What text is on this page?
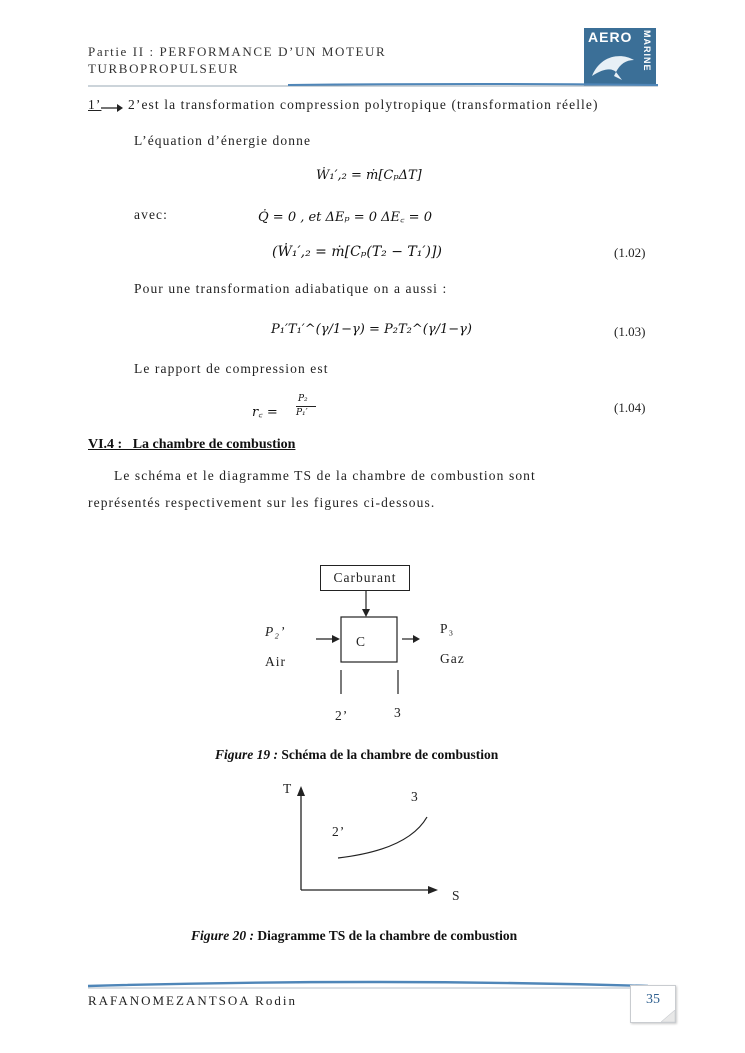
Partie II : PERFORMANCE D’UN MOTEUR
TURBOPROPULSEUR
AERO MARINE
1’ 2’est la transformation compression polytropique (transformation réelle)
L’équation d’énergie donne
Ẇ₁′,₂ = ṁ[CₚΔT]
avec:	Q̇ = 0 , et ΔEₚ = 0 ΔE꜀ = 0
(Ẇ₁′,₂ = ṁ[Cₚ(T₂ − T₁′)])	(1.02)
Pour une transformation adiabatique on a aussi :
P₁′T₁′^(γ/1−γ) = P₂T₂^(γ/1−γ)	(1.03)
Le rapport de compression est
r꜀ =
P₂
P₁′	(1.04)
VI.4 :   La chambre de combustion
Le schéma et le diagramme TS de la chambre de combustion sont
représentés respectivement sur les figures ci-dessous.
Carburant
C
P₂’
Air
P₃
Gaz
2’	3
Figure 19 : Schéma de la chambre de combustion
T
S
2’
3
Figure 20 : Diagramme TS de la chambre de combustion
RAFANOMEZANTSOA Rodin	35
